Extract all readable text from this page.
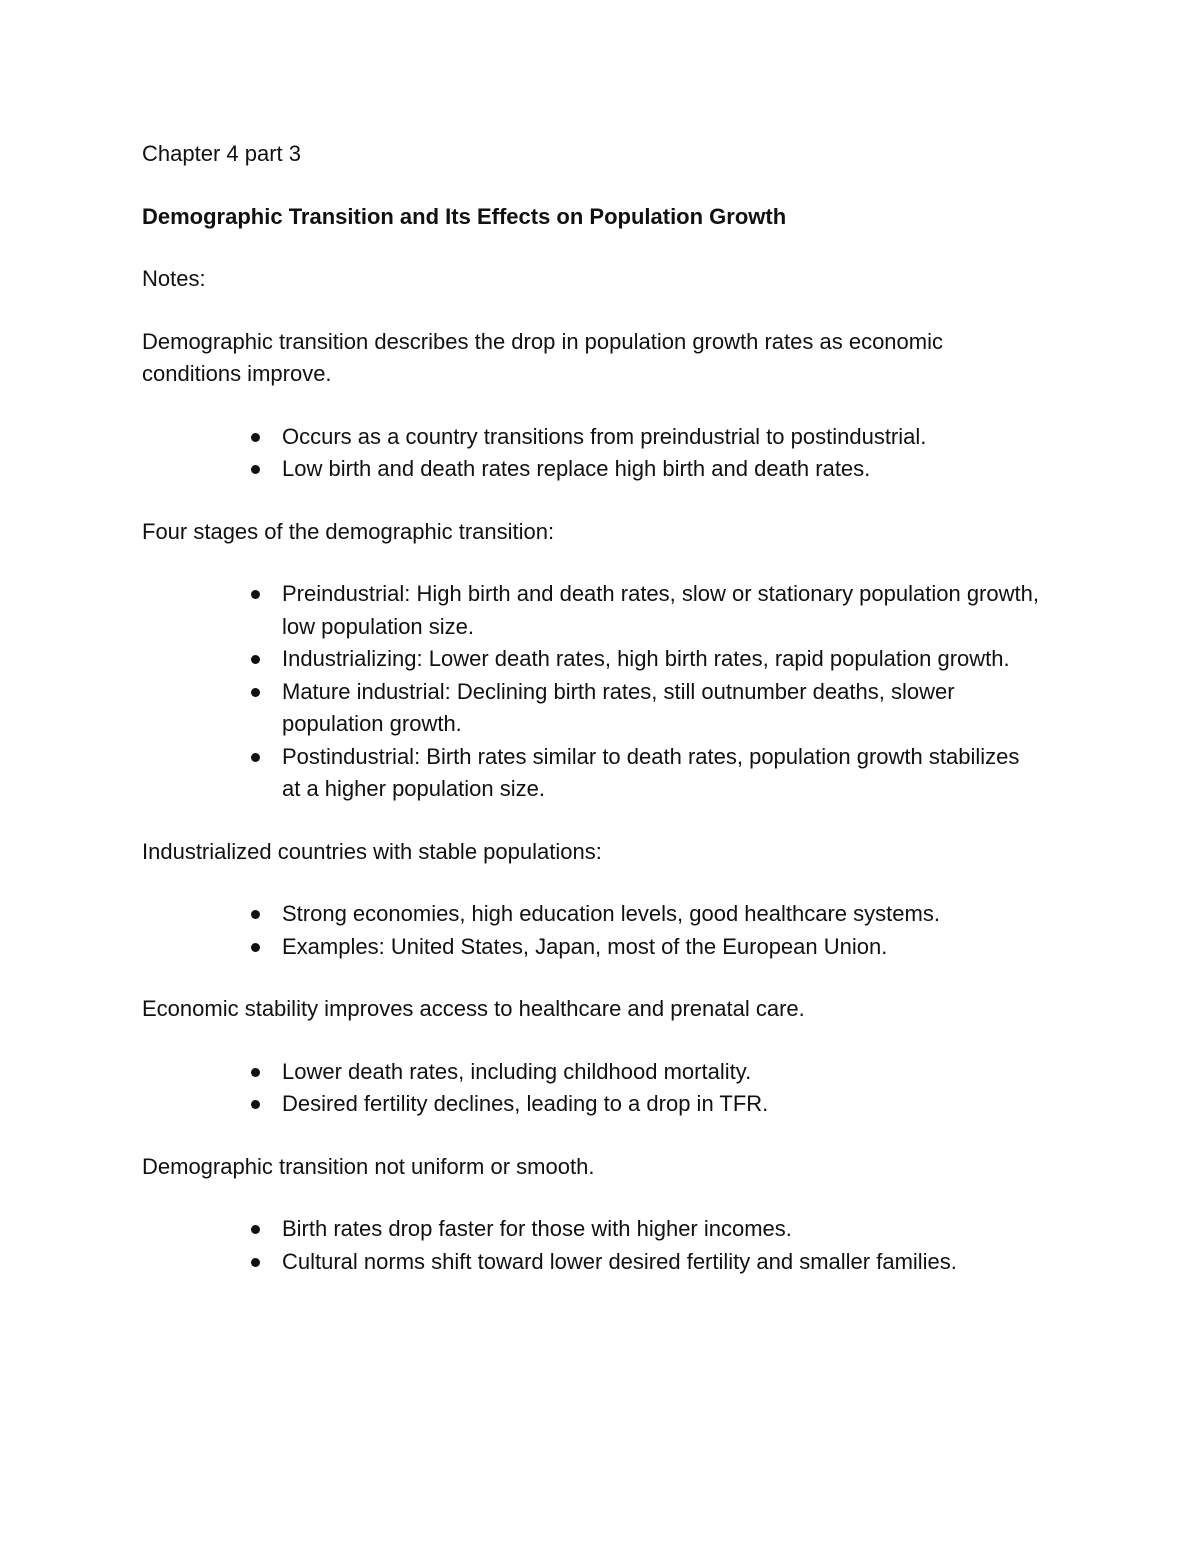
Chapter 4 part 3

Demographic Transition and Its Effects on Population Growth

Notes:

Demographic transition describes the drop in population growth rates as economic conditions improve.

Occurs as a country transitions from preindustrial to postindustrial.
Low birth and death rates replace high birth and death rates.

Four stages of the demographic transition:

Preindustrial: High birth and death rates, slow or stationary population growth, low population size.
Industrializing: Lower death rates, high birth rates, rapid population growth.
Mature industrial: Declining birth rates, still outnumber deaths, slower population growth.
Postindustrial: Birth rates similar to death rates, population growth stabilizes at a higher population size.

Industrialized countries with stable populations:

Strong economies, high education levels, good healthcare systems.
Examples: United States, Japan, most of the European Union.

Economic stability improves access to healthcare and prenatal care.

Lower death rates, including childhood mortality.
Desired fertility declines, leading to a drop in TFR.

Demographic transition not uniform or smooth.

Birth rates drop faster for those with higher incomes.
Cultural norms shift toward lower desired fertility and smaller families.
